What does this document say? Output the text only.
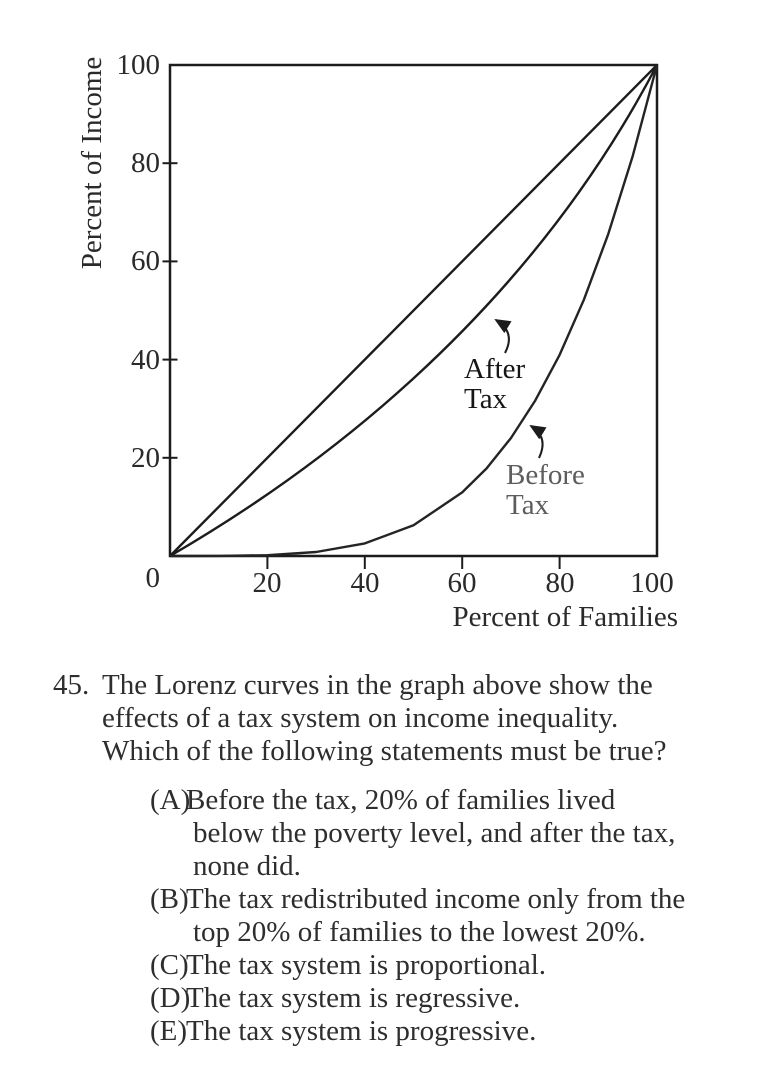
100
80
60
40
20
0	20 40 60 80 100
Percent of Income
Percent of Families
After
Tax
Before
Tax
45. The Lorenz curves in the graph above show the
effects of a tax system on income inequality.
Which of the following statements must be true?
(A)
Before the tax, 20% of families lived
below the poverty level, and after the tax,
none did.
(B)
The tax redistributed income only from the
top 20% of families to the lowest 20%.
(C)
The tax system is proportional.
(D)
The tax system is regressive.
(E)
The tax system is progressive.
